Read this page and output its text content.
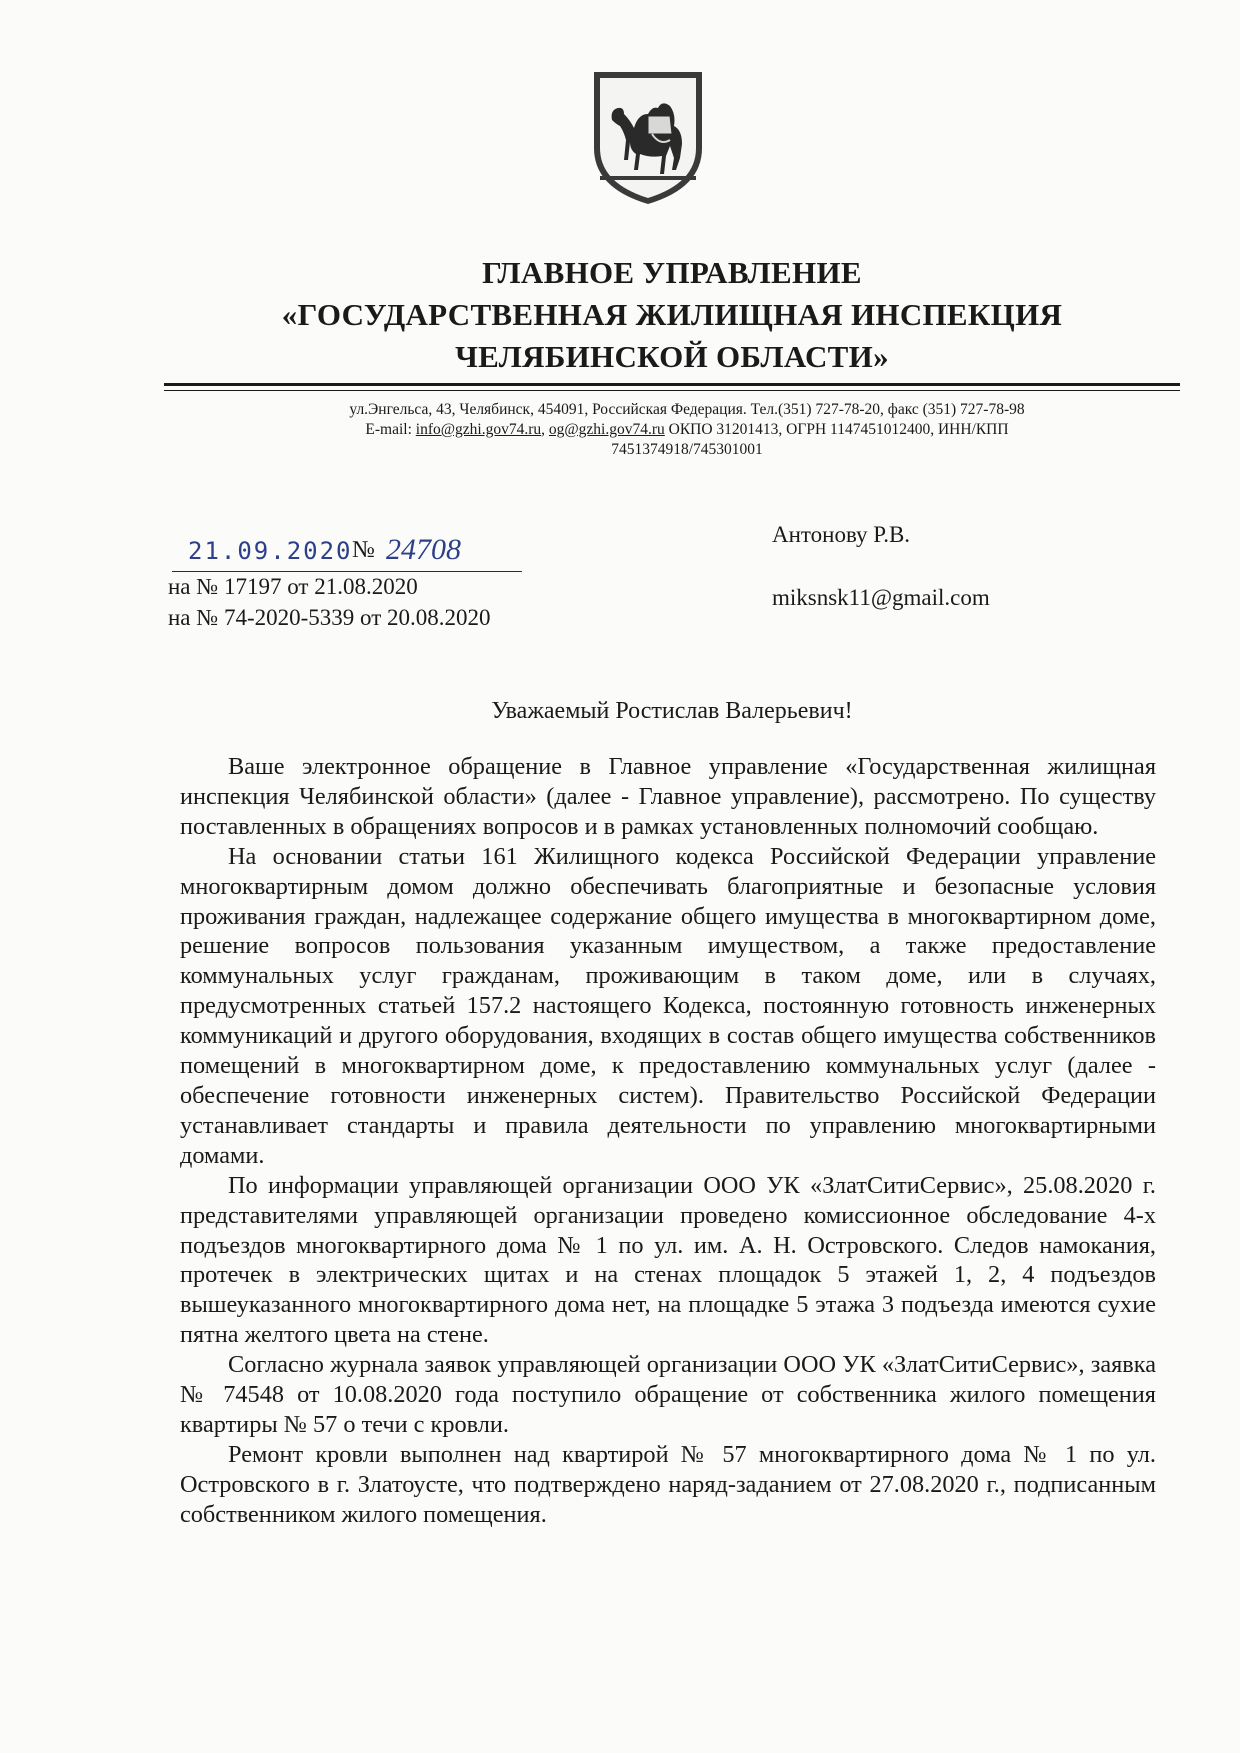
ГЛАВНОЕ УПРАВЛЕНИЕ
«ГОСУДАРСТВЕННАЯ ЖИЛИЩНАЯ ИНСПЕКЦИЯ
ЧЕЛЯБИНСКОЙ ОБЛАСТИ»
ул.Энгельса, 43, Челябинск, 454091, Российская Федерация. Тел.(351) 727-78-20, факс (351) 727-78-98
E-mail: info@gzhi.gov74.ru, og@gzhi.gov74.ru ОКПО 31201413, ОГРН 1147451012400, ИНН/КПП
7451374918/745301001
21.09.2020 № 24708
на № 17197 от 21.08.2020
на № 74-2020-5339 от 20.08.2020
Антонову Р.В.
miksnsk11@gmail.com
Уважаемый Ростислав Валерьевич!

Ваше электронное обращение в Главное управление «Государственная жилищная инспекция Челябинской области» (далее - Главное управление), рассмотрено. По существу поставленных в обращениях вопросов и в рамках установленных полномочий сообщаю.

На основании статьи 161 Жилищного кодекса Российской Федерации управление многоквартирным домом должно обеспечивать благоприятные и безопасные условия проживания граждан, надлежащее содержание общего имущества в многоквартирном доме, решение вопросов пользования указанным имуществом, а также предоставление коммунальных услуг гражданам, проживающим в таком доме, или в случаях, предусмотренных статьей 157.2 настоящего Кодекса, постоянную готовность инженерных коммуникаций и другого оборудования, входящих в состав общего имущества собственников помещений в многоквартирном доме, к предоставлению коммунальных услуг (далее - обеспечение готовности инженерных систем). Правительство Российской Федерации устанавливает стандарты и правила деятельности по управлению многоквартирными домами.

По информации управляющей организации ООО УК «ЗлатСитиСервис», 25.08.2020 г. представителями управляющей организации проведено комиссионное обследование 4-х подъездов многоквартирного дома № 1 по ул. им. А. Н. Островского. Следов намокания, протечек в электрических щитах и на стенах площадок 5 этажей 1, 2, 4 подъездов вышеуказанного многоквартирного дома нет, на площадке 5 этажа 3 подъезда имеются сухие пятна желтого цвета на стене.

Согласно журнала заявок управляющей организации ООО УК «ЗлатСитиСервис», заявка № 74548 от 10.08.2020 года поступило обращение от собственника жилого помещения квартиры № 57 о течи с кровли.

Ремонт кровли выполнен над квартирой № 57 многоквартирного дома № 1 по ул. Островского в г. Златоусте, что подтверждено наряд-заданием от 27.08.2020 г., подписанным собственником жилого помещения.
